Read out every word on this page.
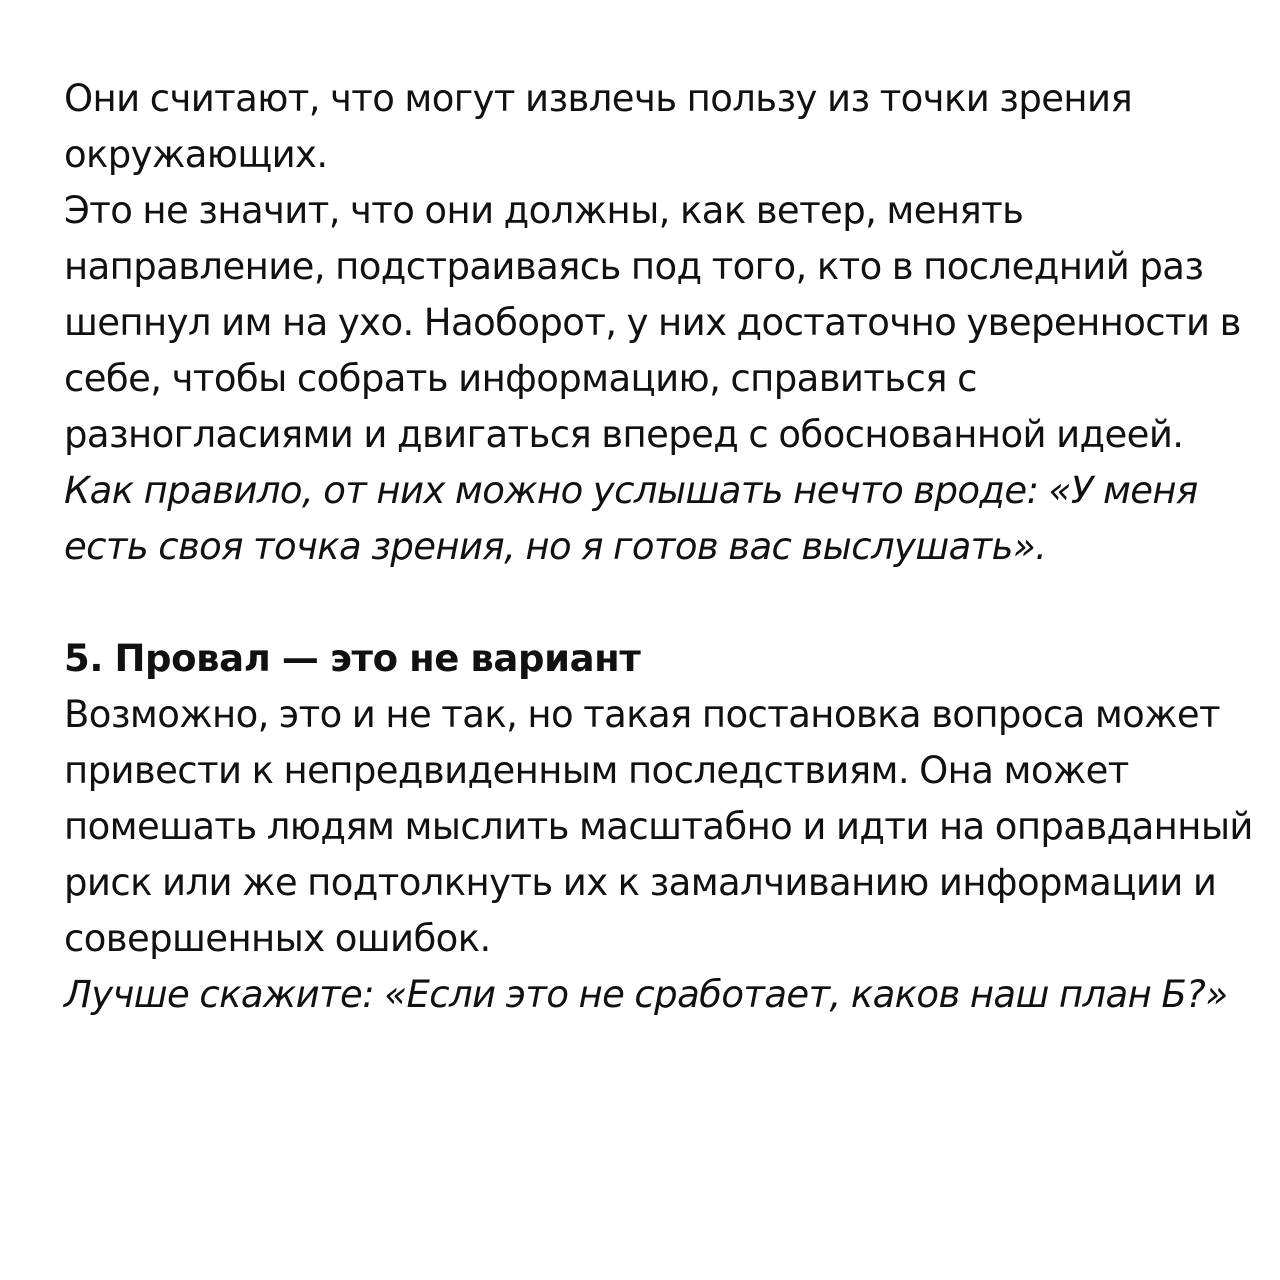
Они считают, что могут извлечь пользу из точки зрения окружающих.

Это не значит, что они должны, как ветер, менять направление, подстраиваясь под того, кто в последний раз шепнул им на ухо. Наоборот, у них достаточно уверенности в себе, чтобы собрать информацию, справиться с разногласиями и двигаться вперед с обоснованной идеей. Как правило, от них можно услышать нечто вроде: «У меня есть своя точка зрения, но я готов вас выслушать».

5. Провал — это не вариант

Возможно, это и не так, но такая постановка вопроса может привести к непредвиденным последствиям. Она может помешать людям мыслить масштабно и идти на оправданный риск или же подтолкнуть их к замалчиванию информации и совершенных ошибок.

Лучше скажите: «Если это не сработает, каков наш план Б?»
